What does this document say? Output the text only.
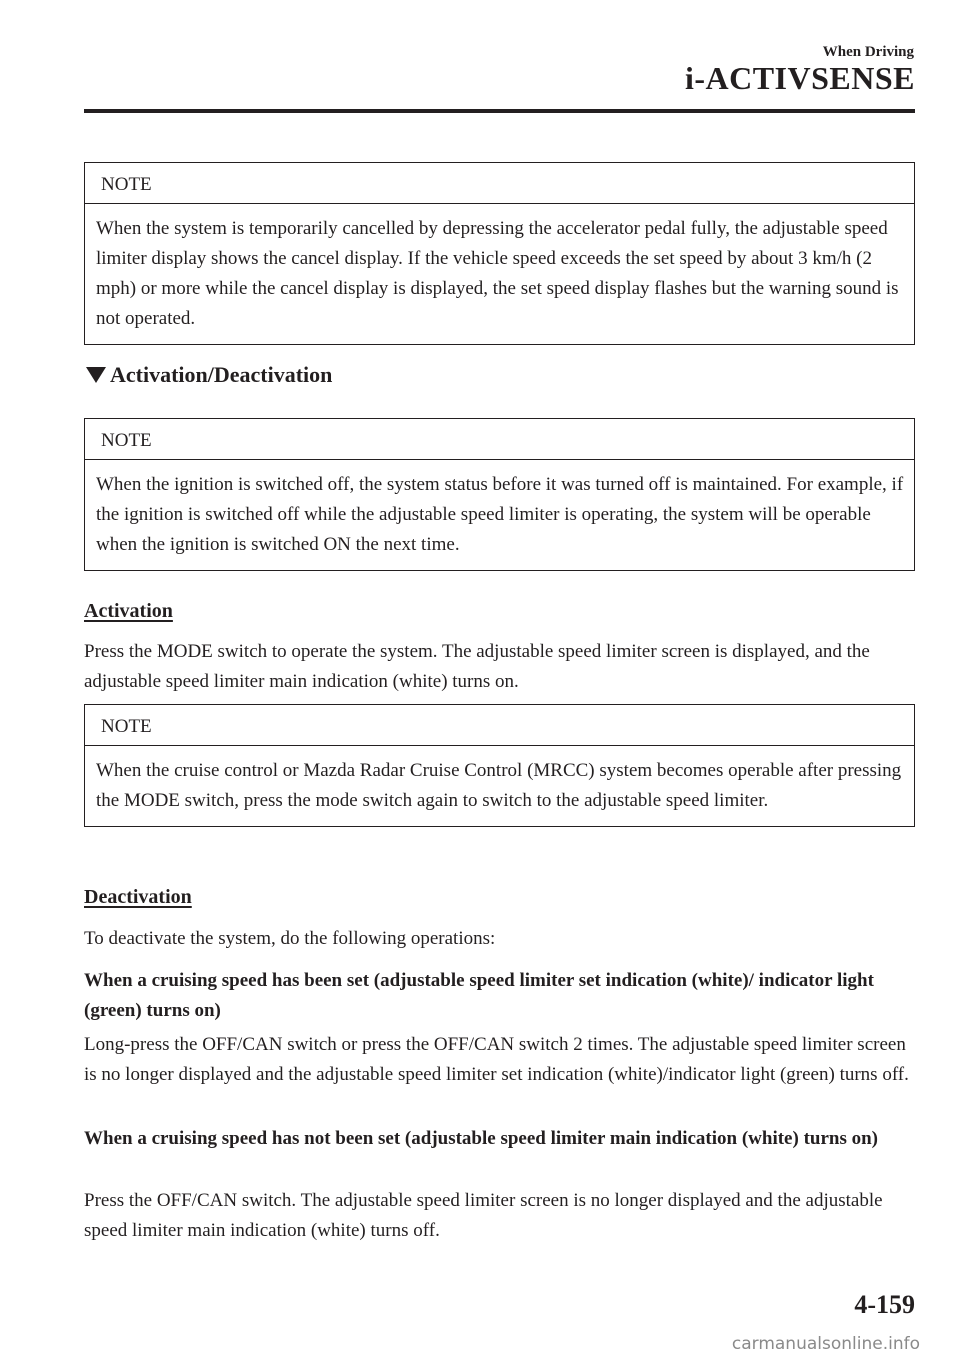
When Driving
i-ACTIVSENSE
NOTE
When the system is temporarily cancelled by depressing the accelerator pedal fully, the adjustable speed limiter display shows the cancel display. If the vehicle speed exceeds the set speed by about 3 km/h (2 mph) or more while the cancel display is displayed, the set speed display flashes but the warning sound is not operated.
Activation/Deactivation
NOTE
When the ignition is switched off, the system status before it was turned off is maintained. For example, if the ignition is switched off while the adjustable speed limiter is operating, the system will be operable when the ignition is switched ON the next time.
Activation
Press the MODE switch to operate the system. The adjustable speed limiter screen is displayed, and the adjustable speed limiter main indication (white) turns on.
NOTE
When the cruise control or Mazda Radar Cruise Control (MRCC) system becomes operable after pressing the MODE switch, press the mode switch again to switch to the adjustable speed limiter.
Deactivation
To deactivate the system, do the following operations:
When a cruising speed has been set (adjustable speed limiter set indication (white)/ indicator light (green) turns on)
Long-press the OFF/CAN switch or press the OFF/CAN switch 2 times. The adjustable speed limiter screen is no longer displayed and the adjustable speed limiter set indication (white)/indicator light (green) turns off.
When a cruising speed has not been set (adjustable speed limiter main indication (white) turns on)
Press the OFF/CAN switch. The adjustable speed limiter screen is no longer displayed and the adjustable speed limiter main indication (white) turns off.
4-159
carmanualsonline.info
